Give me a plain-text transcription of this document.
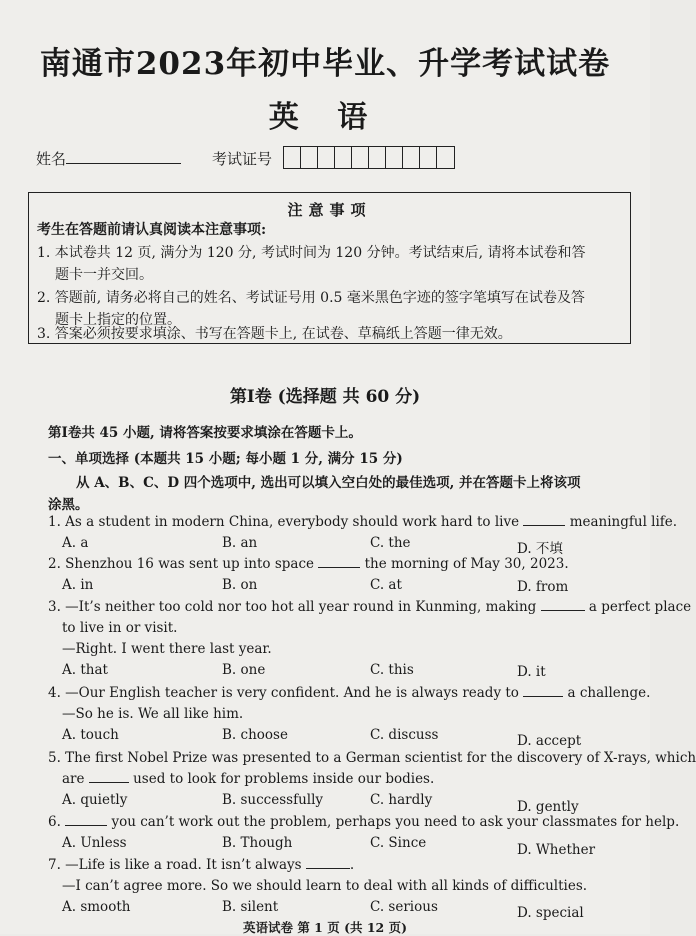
南通市2023年初中毕业、升学考试试卷
英 语
姓名	考试证号
注意事项
考生在答题前请认真阅读本注意事项:
1. 本试卷共 12 页, 满分为 120 分, 考试时间为 120 分钟。考试结束后, 请将本试卷和答
题卡一并交回。
2. 答题前, 请务必将自己的姓名、考试证号用 0.5 毫米黑色字迹的签字笔填写在试卷及答
题卡上指定的位置。
3. 答案必须按要求填涂、书写在答题卡上, 在试卷、草稿纸上答题一律无效。
第Ⅰ卷 (选择题 共 60 分)
第Ⅰ卷共 45 小题, 请将答案按要求填涂在答题卡上。
一、单项选择 (本题共 15 小题; 每小题 1 分, 满分 15 分)
从 A、B、C、D 四个选项中, 选出可以填入空白处的最佳选项, 并在答题卡上将该项
涂黑。
1. As a student in modern China, everybody should work hard to live	meaningful life.
A. a	B. an	C. the	D. 不填
2. Shenzhou 16 was sent up into space	the morning of May 30, 2023.
A. in	B. on	C. at	D. from
3. —It’s neither too cold nor too hot all year round in Kunming, making	a perfect place
to live in or visit.
—Right. I went there last year.
A. that	B. one	C. this	D. it
4. —Our English teacher is very confident. And he is always ready to	a challenge.
—So he is. We all like him.
A. touch	B. choose	C. discuss	D. accept
5. The first Nobel Prize was presented to a German scientist for the discovery of X-rays, which
are	used to look for problems inside our bodies.
A. quietly	B. successfully	C. hardly	D. gently
6.	you can’t work out the problem, perhaps you need to ask your classmates for help.
A. Unless	B. Though	C. Since	D. Whether
7. —Life is like a road. It isn’t always	.
—I can’t agree more. So we should learn to deal with all kinds of difficulties.
A. smooth	B. silent	C. serious	D. special
英语试卷 第 1 页 (共 12 页)
